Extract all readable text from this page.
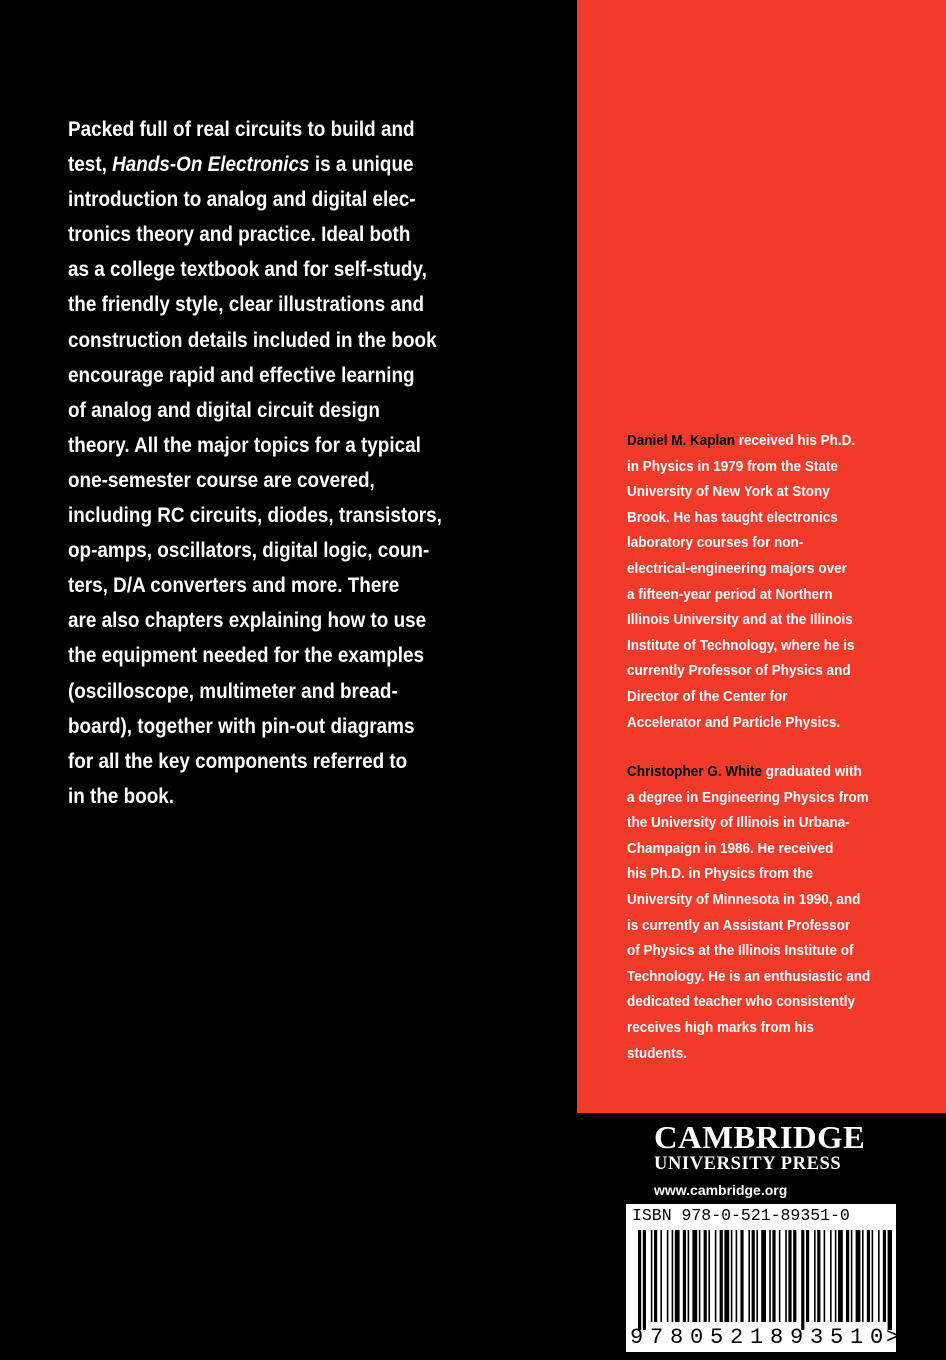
Packed full of real circuits to build and
test, Hands-On Electronics is a unique
introduction to analog and digital elec-
tronics theory and practice. Ideal both
as a college textbook and for self-study,
the friendly style, clear illustrations and
construction details included in the book
encourage rapid and effective learning
of analog and digital circuit design
theory. All the major topics for a typical
one-semester course are covered,
including RC circuits, diodes, transistors,
op-amps, oscillators, digital logic, coun-
ters, D/A converters and more. There
are also chapters explaining how to use
the equipment needed for the examples
(oscilloscope, multimeter and bread-
board), together with pin-out diagrams
for all the key components referred to
in the book.
Daniel M. Kaplan received his Ph.D.
in Physics in 1979 from the State
University of New York at Stony
Brook. He has taught electronics
laboratory courses for non-
electrical-engineering majors over
a fifteen-year period at Northern
Illinois University and at the Illinois
Institute of Technology, where he is
currently Professor of Physics and
Director of the Center for
Accelerator and Particle Physics.
Christopher G. White graduated with
a degree in Engineering Physics from
the University of Illinois in Urbana-
Champaign in 1986. He received
his Ph.D. in Physics from the
University of Minnesota in 1990, and
is currently an Assistant Professor
of Physics at the Illinois Institute of
Technology. He is an enthusiastic and
dedicated teacher who consistently
receives high marks from his
students.
CAMBRIDGE
UNIVERSITY PRESS
www.cambridge.org
ISBN 978-0-521-89351-0
9 7 8 0 5 2 1 8 9 3 5 1 0 >
